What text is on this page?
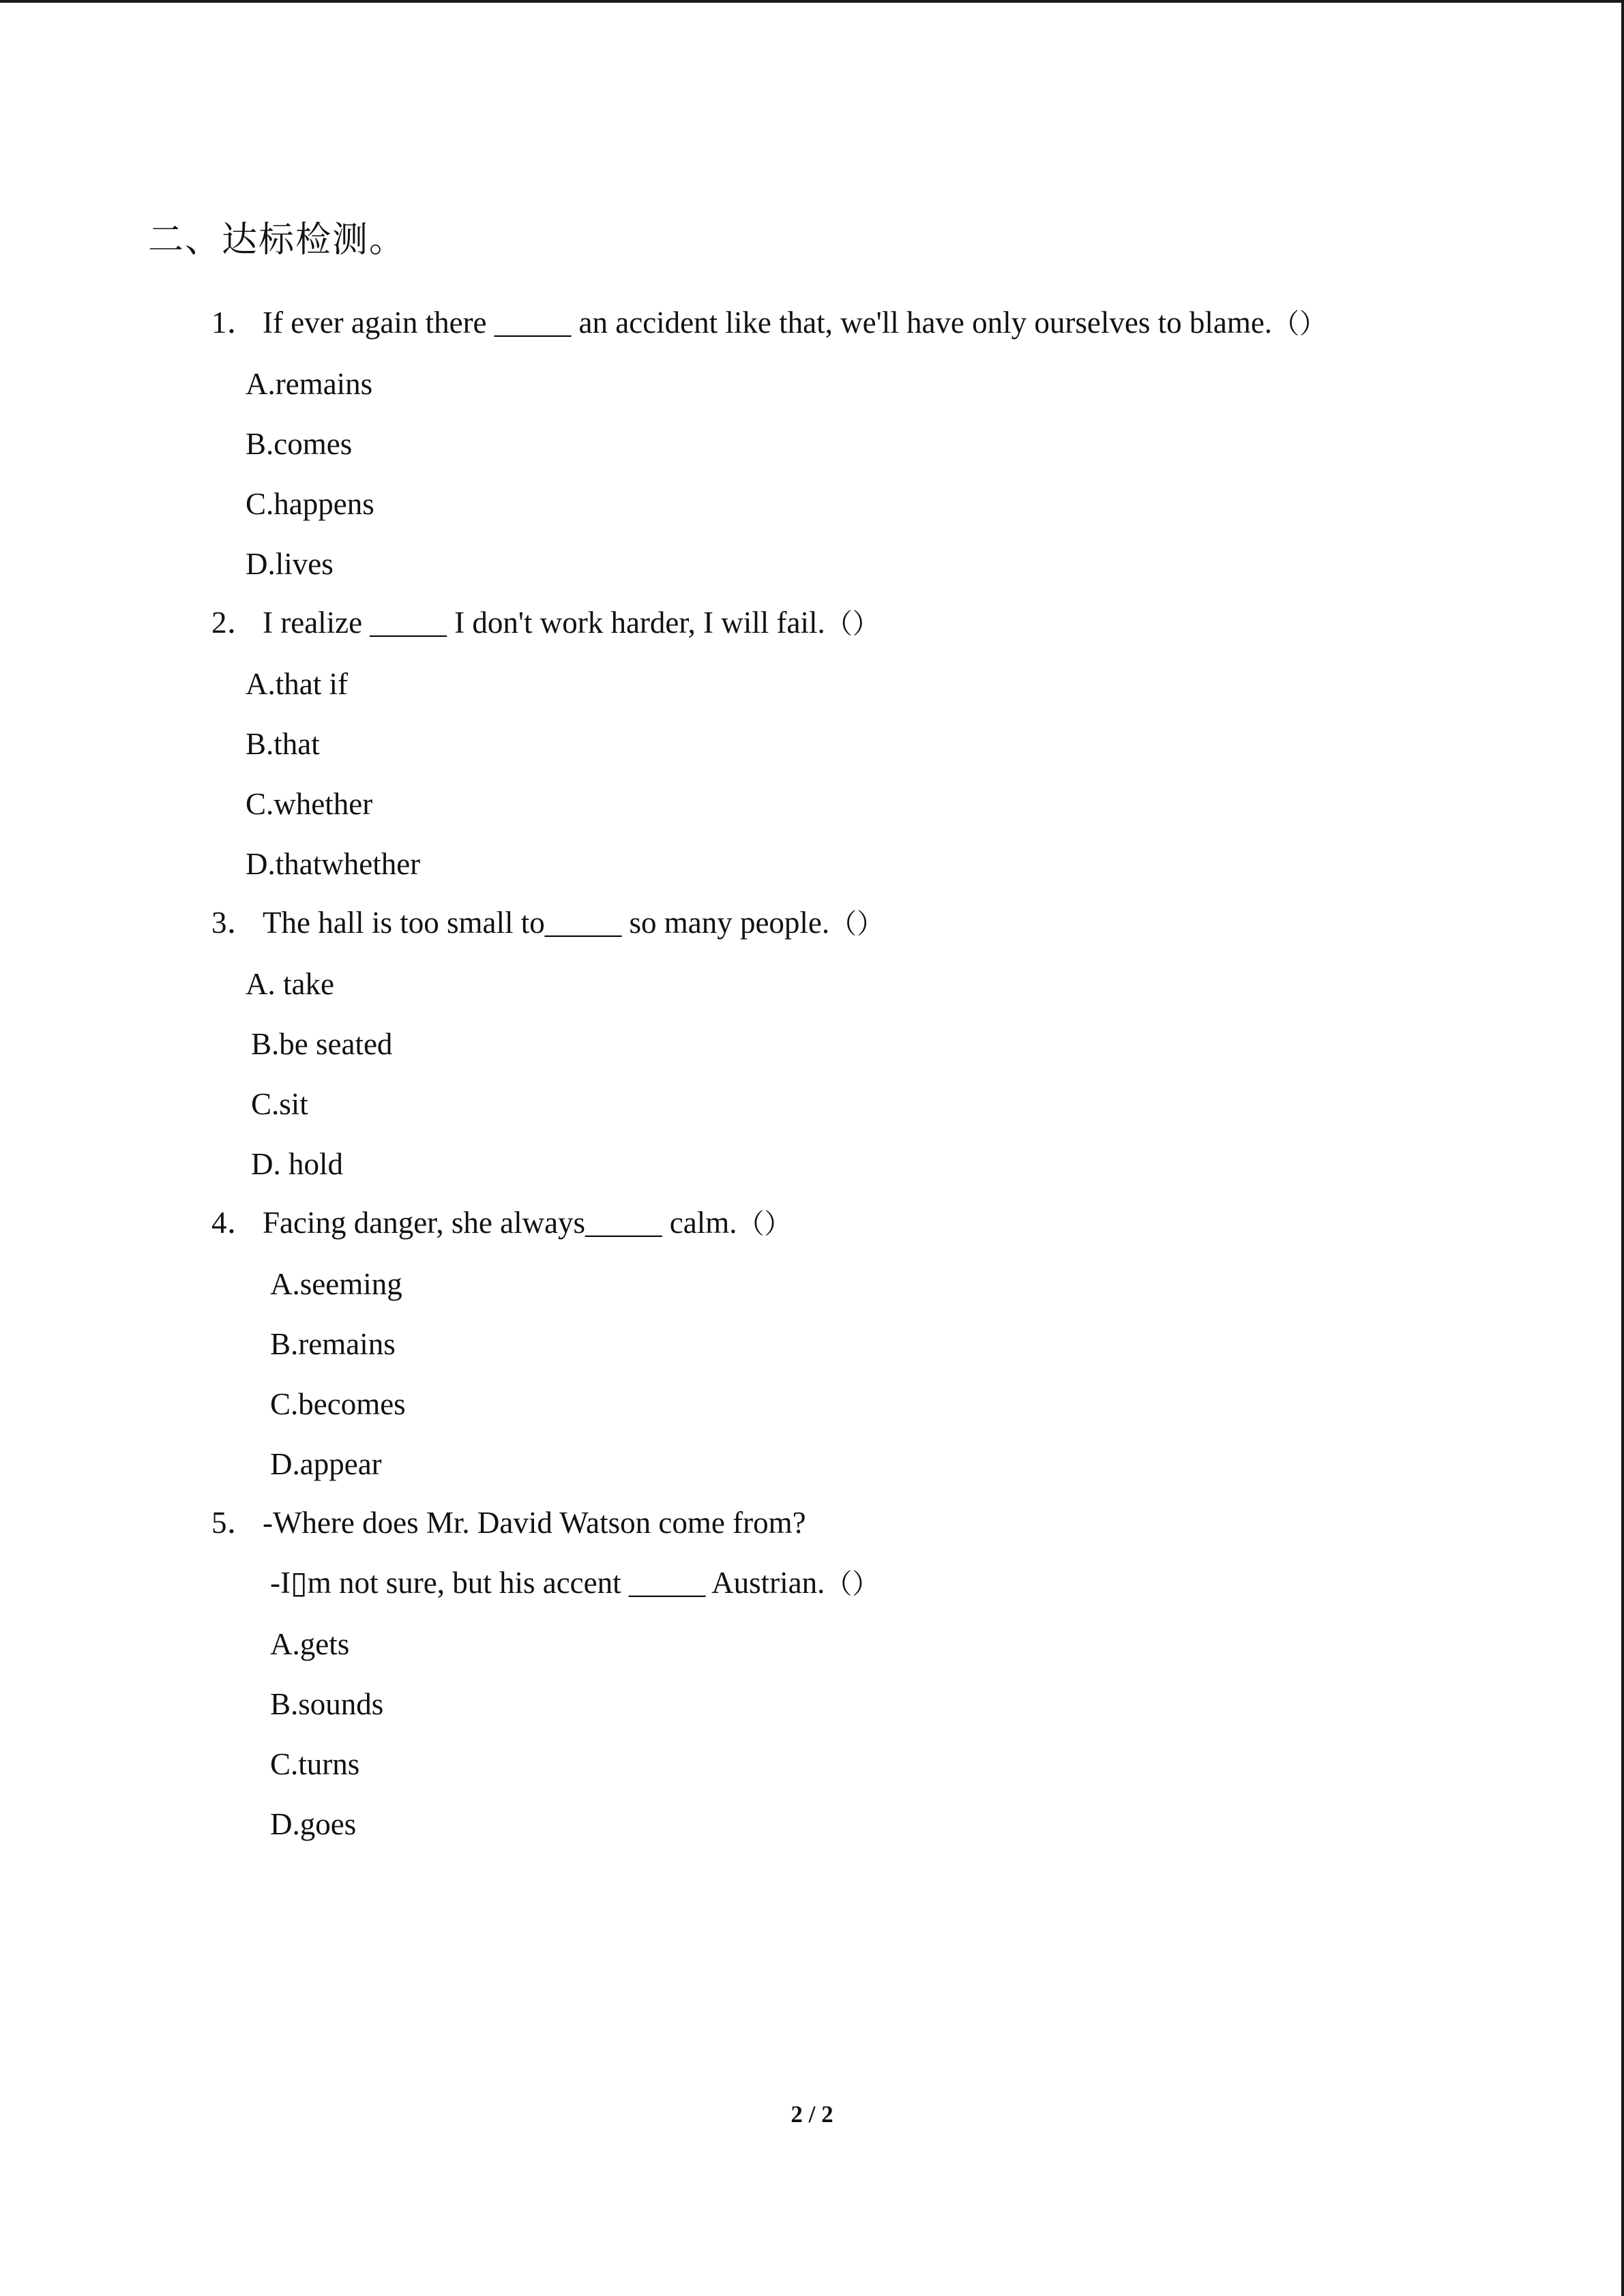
二、达标检测。
1． If ever again there _____ an accident like that, we'll have only ourselves to blame.（）
A.remains
B.comes
C.happens
D.lives
2． I realize _____ I don't work harder, I will fail.（）
A.that if
B.that
C.whether
D.thatwhether
3． The hall is too small to_____ so many people.（）
A. take
B.be seated
C.sit
D. hold
4． Facing danger, she always_____ calm.（）
A.seeming
B.remains
C.becomes
D.appear
5． -Where does Mr. David Watson come from?
-I▯m not sure, but his accent _____ Austrian.（）
A.gets
B.sounds
C.turns
D.goes
2 / 2
